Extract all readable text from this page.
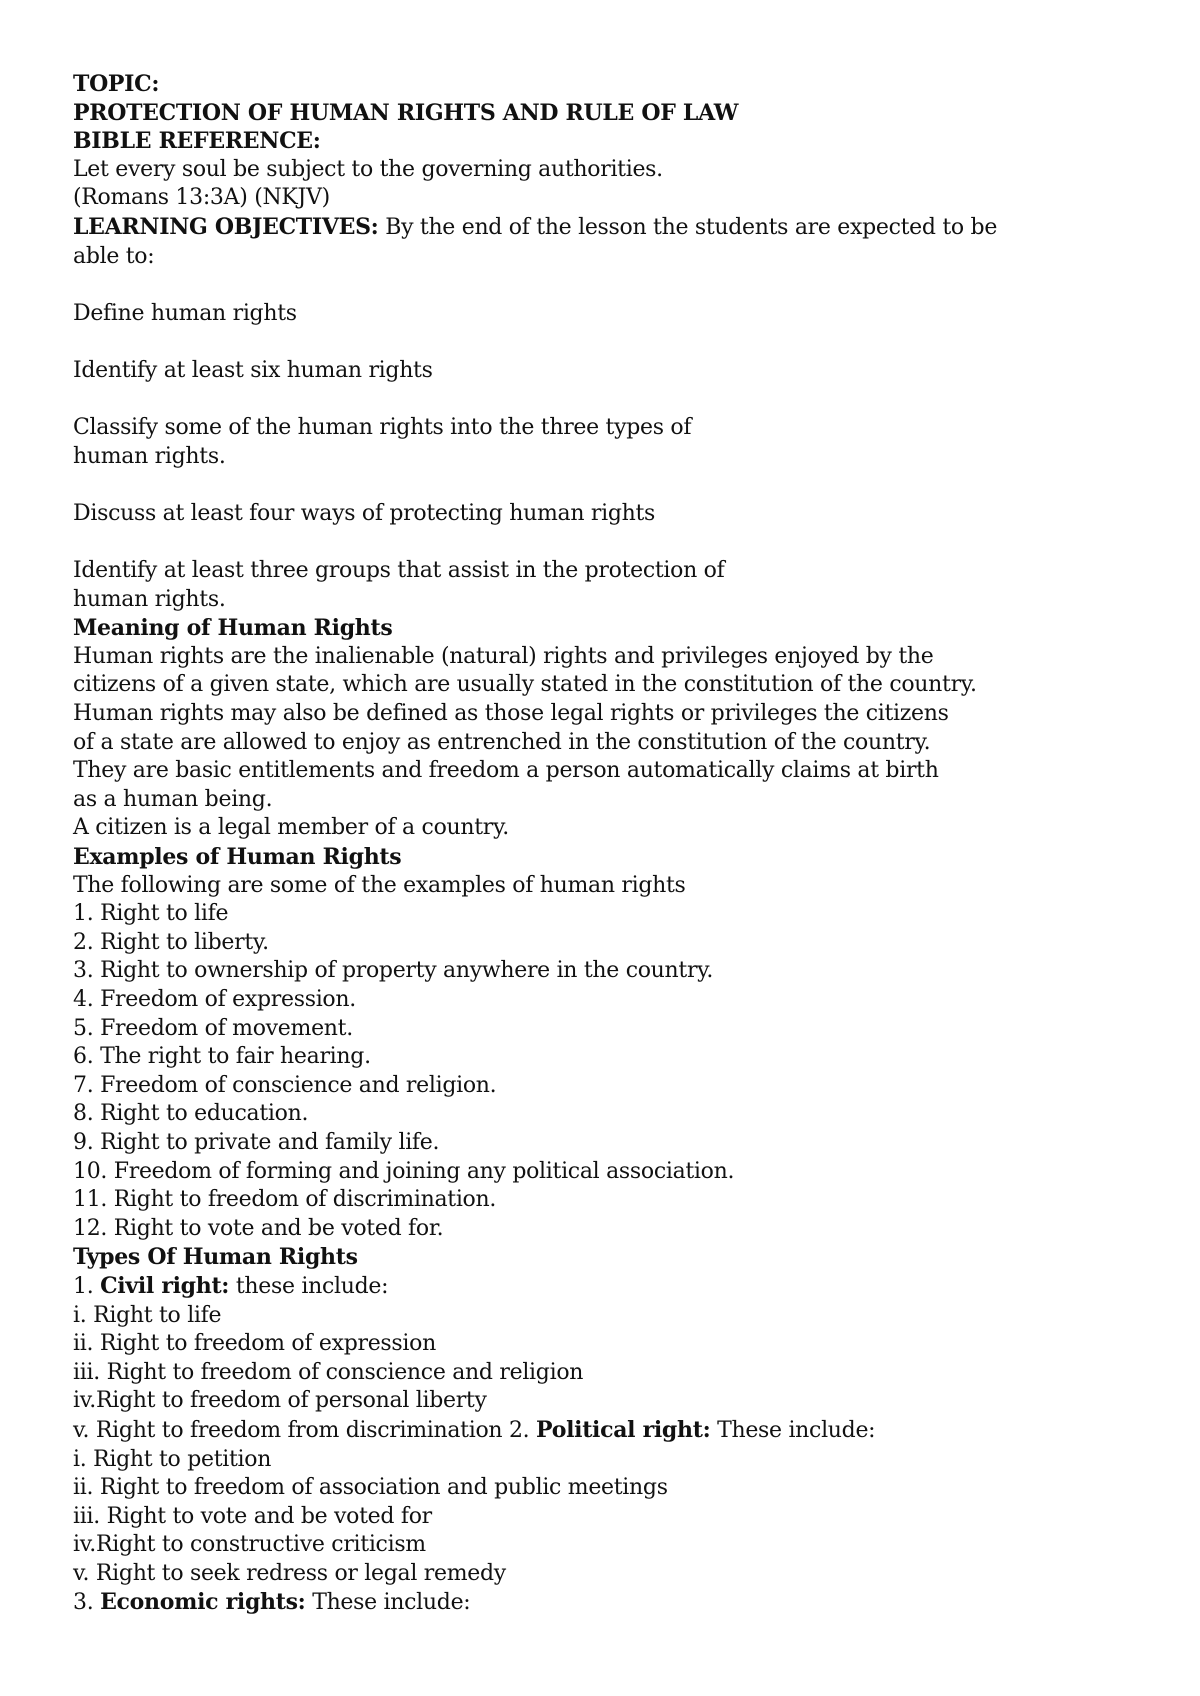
TOPIC:
PROTECTION OF HUMAN RIGHTS AND RULE OF LAW
BIBLE REFERENCE:
Let every soul be subject to the governing authorities.
(Romans 13:3A) (NKJV)
LEARNING OBJECTIVES: By the end of the lesson the students are expected to be
able to:
Define human rights
Identify at least six human rights
Classify some of the human rights into the three types of
human rights.
Discuss at least four ways of protecting human rights
Identify at least three groups that assist in the protection of
human rights.
Meaning of Human Rights
Human rights are the inalienable (natural) rights and privileges enjoyed by the
citizens of a given state, which are usually stated in the constitution of the country.
Human rights may also be defined as those legal rights or privileges the citizens
of a state are allowed to enjoy as entrenched in the constitution of the country.
They are basic entitlements and freedom a person automatically claims at birth
as a human being.
A citizen is a legal member of a country.
Examples of Human Rights
The following are some of the examples of human rights
1. Right to life
2. Right to liberty.
3. Right to ownership of property anywhere in the country.
4. Freedom of expression.
5. Freedom of movement.
6. The right to fair hearing.
7. Freedom of conscience and religion.
8. Right to education.
9. Right to private and family life.
10. Freedom of forming and joining any political association.
11. Right to freedom of discrimination.
12. Right to vote and be voted for.
Types Of Human Rights
1. Civil right: these include:
i. Right to life
ii. Right to freedom of expression
iii. Right to freedom of conscience and religion
iv.Right to freedom of personal liberty
v. Right to freedom from discrimination 2. Political right: These include:
i. Right to petition
ii. Right to freedom of association and public meetings
iii. Right to vote and be voted for
iv.Right to constructive criticism
v. Right to seek redress or legal remedy
3. Economic rights: These include:
